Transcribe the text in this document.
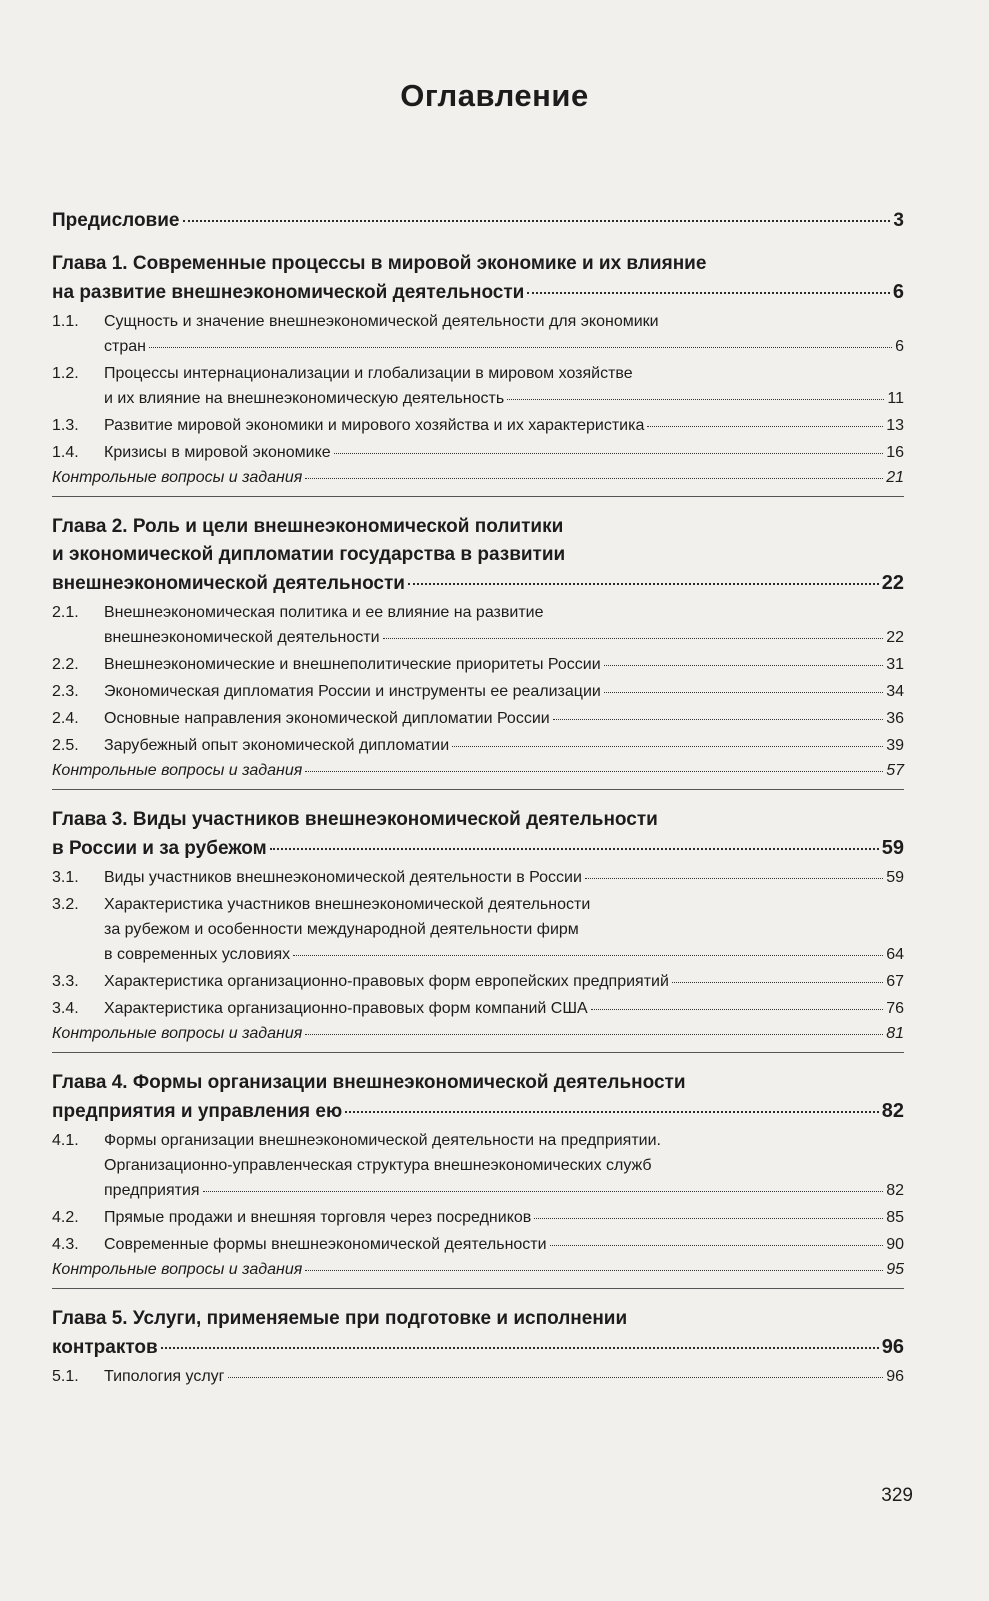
Оглавление
Предисловие	3
Глава 1. Современные процессы в мировой экономике и их влияние
на развитие внешнеэкономической деятельности	6
1.1.	Сущность и значение внешнеэкономической деятельности для экономики
стран	6
1.2.	Процессы интернационализации и глобализации в мировом хозяйстве
и их влияние на внешнеэкономическую деятельность	11
1.3.	Развитие мировой экономики и мирового хозяйства и их характеристика	13
1.4.	Кризисы в мировой экономике	16
Контрольные вопросы и задания	21
Глава 2. Роль и цели внешнеэкономической политики
и экономической дипломатии государства в развитии
внешнеэкономической деятельности	22
2.1.	Внешнеэкономическая политика и ее влияние на развитие
внешнеэкономической деятельности	22
2.2.	Внешнеэкономические и внешнеполитические приоритеты России	31
2.3.	Экономическая дипломатия России и инструменты ее реализации	34
2.4.	Основные направления экономической дипломатии России	36
2.5.	Зарубежный опыт экономической дипломатии	39
Контрольные вопросы и задания	57
Глава 3. Виды участников внешнеэкономической деятельности
в России и за рубежом	59
3.1.	Виды участников внешнеэкономической деятельности в России	59
3.2.	Характеристика участников внешнеэкономической деятельности
за рубежом и особенности международной деятельности фирм
в современных условиях	64
3.3.	Характеристика организационно-правовых форм европейских предприятий	67
3.4.	Характеристика организационно-правовых форм компаний США	76
Контрольные вопросы и задания	81
Глава 4. Формы организации внешнеэкономической деятельности
предприятия и управления ею	82
4.1.	Формы организации внешнеэкономической деятельности на предприятии.
Организационно-управленческая структура внешнеэкономических служб
предприятия	82
4.2.	Прямые продажи и внешняя торговля через посредников	85
4.3.	Современные формы внешнеэкономической деятельности	90
Контрольные вопросы и задания	95
Глава 5. Услуги, применяемые при подготовке и исполнении
контрактов	96
5.1.	Типология услуг	96
329
